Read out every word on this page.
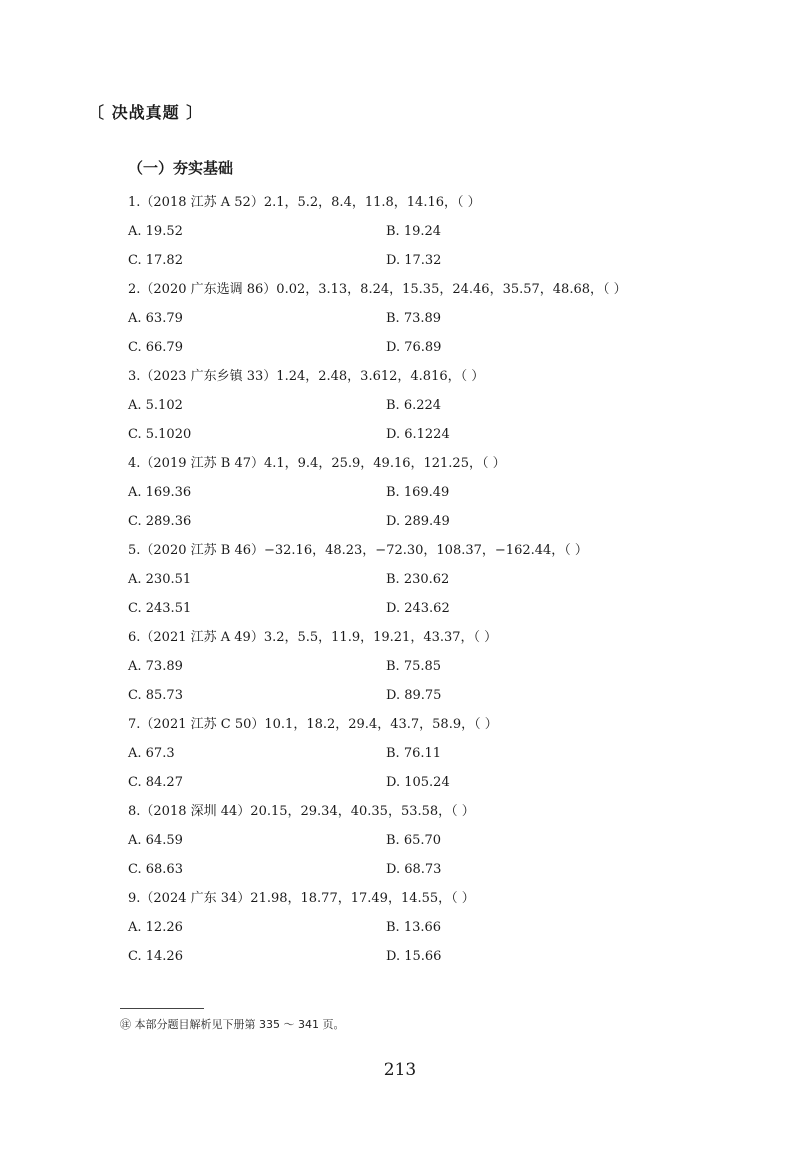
〔 决战真题 〕
（一）夯实基础
1.（2018 江苏 A 52）2.1，5.2，8.4，11.8，14.16，（ ）
A. 19.52	B. 19.24
C. 17.82	D. 17.32
2.（2020 广东选调 86）0.02，3.13，8.24，15.35，24.46，35.57，48.68，（ ）
A. 63.79	B. 73.89
C. 66.79	D. 76.89
3.（2023 广东乡镇 33）1.24，2.48，3.612，4.816，（ ）
A. 5.102	B. 6.224
C. 5.1020	D. 6.1224
4.（2019 江苏 B 47）4.1，9.4，25.9，49.16，121.25，（ ）
A. 169.36	B. 169.49
C. 289.36	D. 289.49
5.（2020 江苏 B 46）−32.16，48.23，−72.30，108.37，−162.44，（ ）
A. 230.51	B. 230.62
C. 243.51	D. 243.62
6.（2021 江苏 A 49）3.2，5.5，11.9，19.21，43.37，（ ）
A. 73.89	B. 75.85
C. 85.73	D. 89.75
7.（2021 江苏 C 50）10.1，18.2，29.4，43.7，58.9，（ ）
A. 67.3	B. 76.11
C. 84.27	D. 105.24
8.（2018 深圳 44）20.15，29.34，40.35，53.58，（ ）
A. 64.59	B. 65.70
C. 68.63	D. 68.73
9.（2024 广东 34）21.98，18.77，17.49，14.55，（ ）
A. 12.26	B. 13.66
C. 14.26	D. 15.66
㊟ 本部分题目解析见下册第 335 ～ 341 页。
213
